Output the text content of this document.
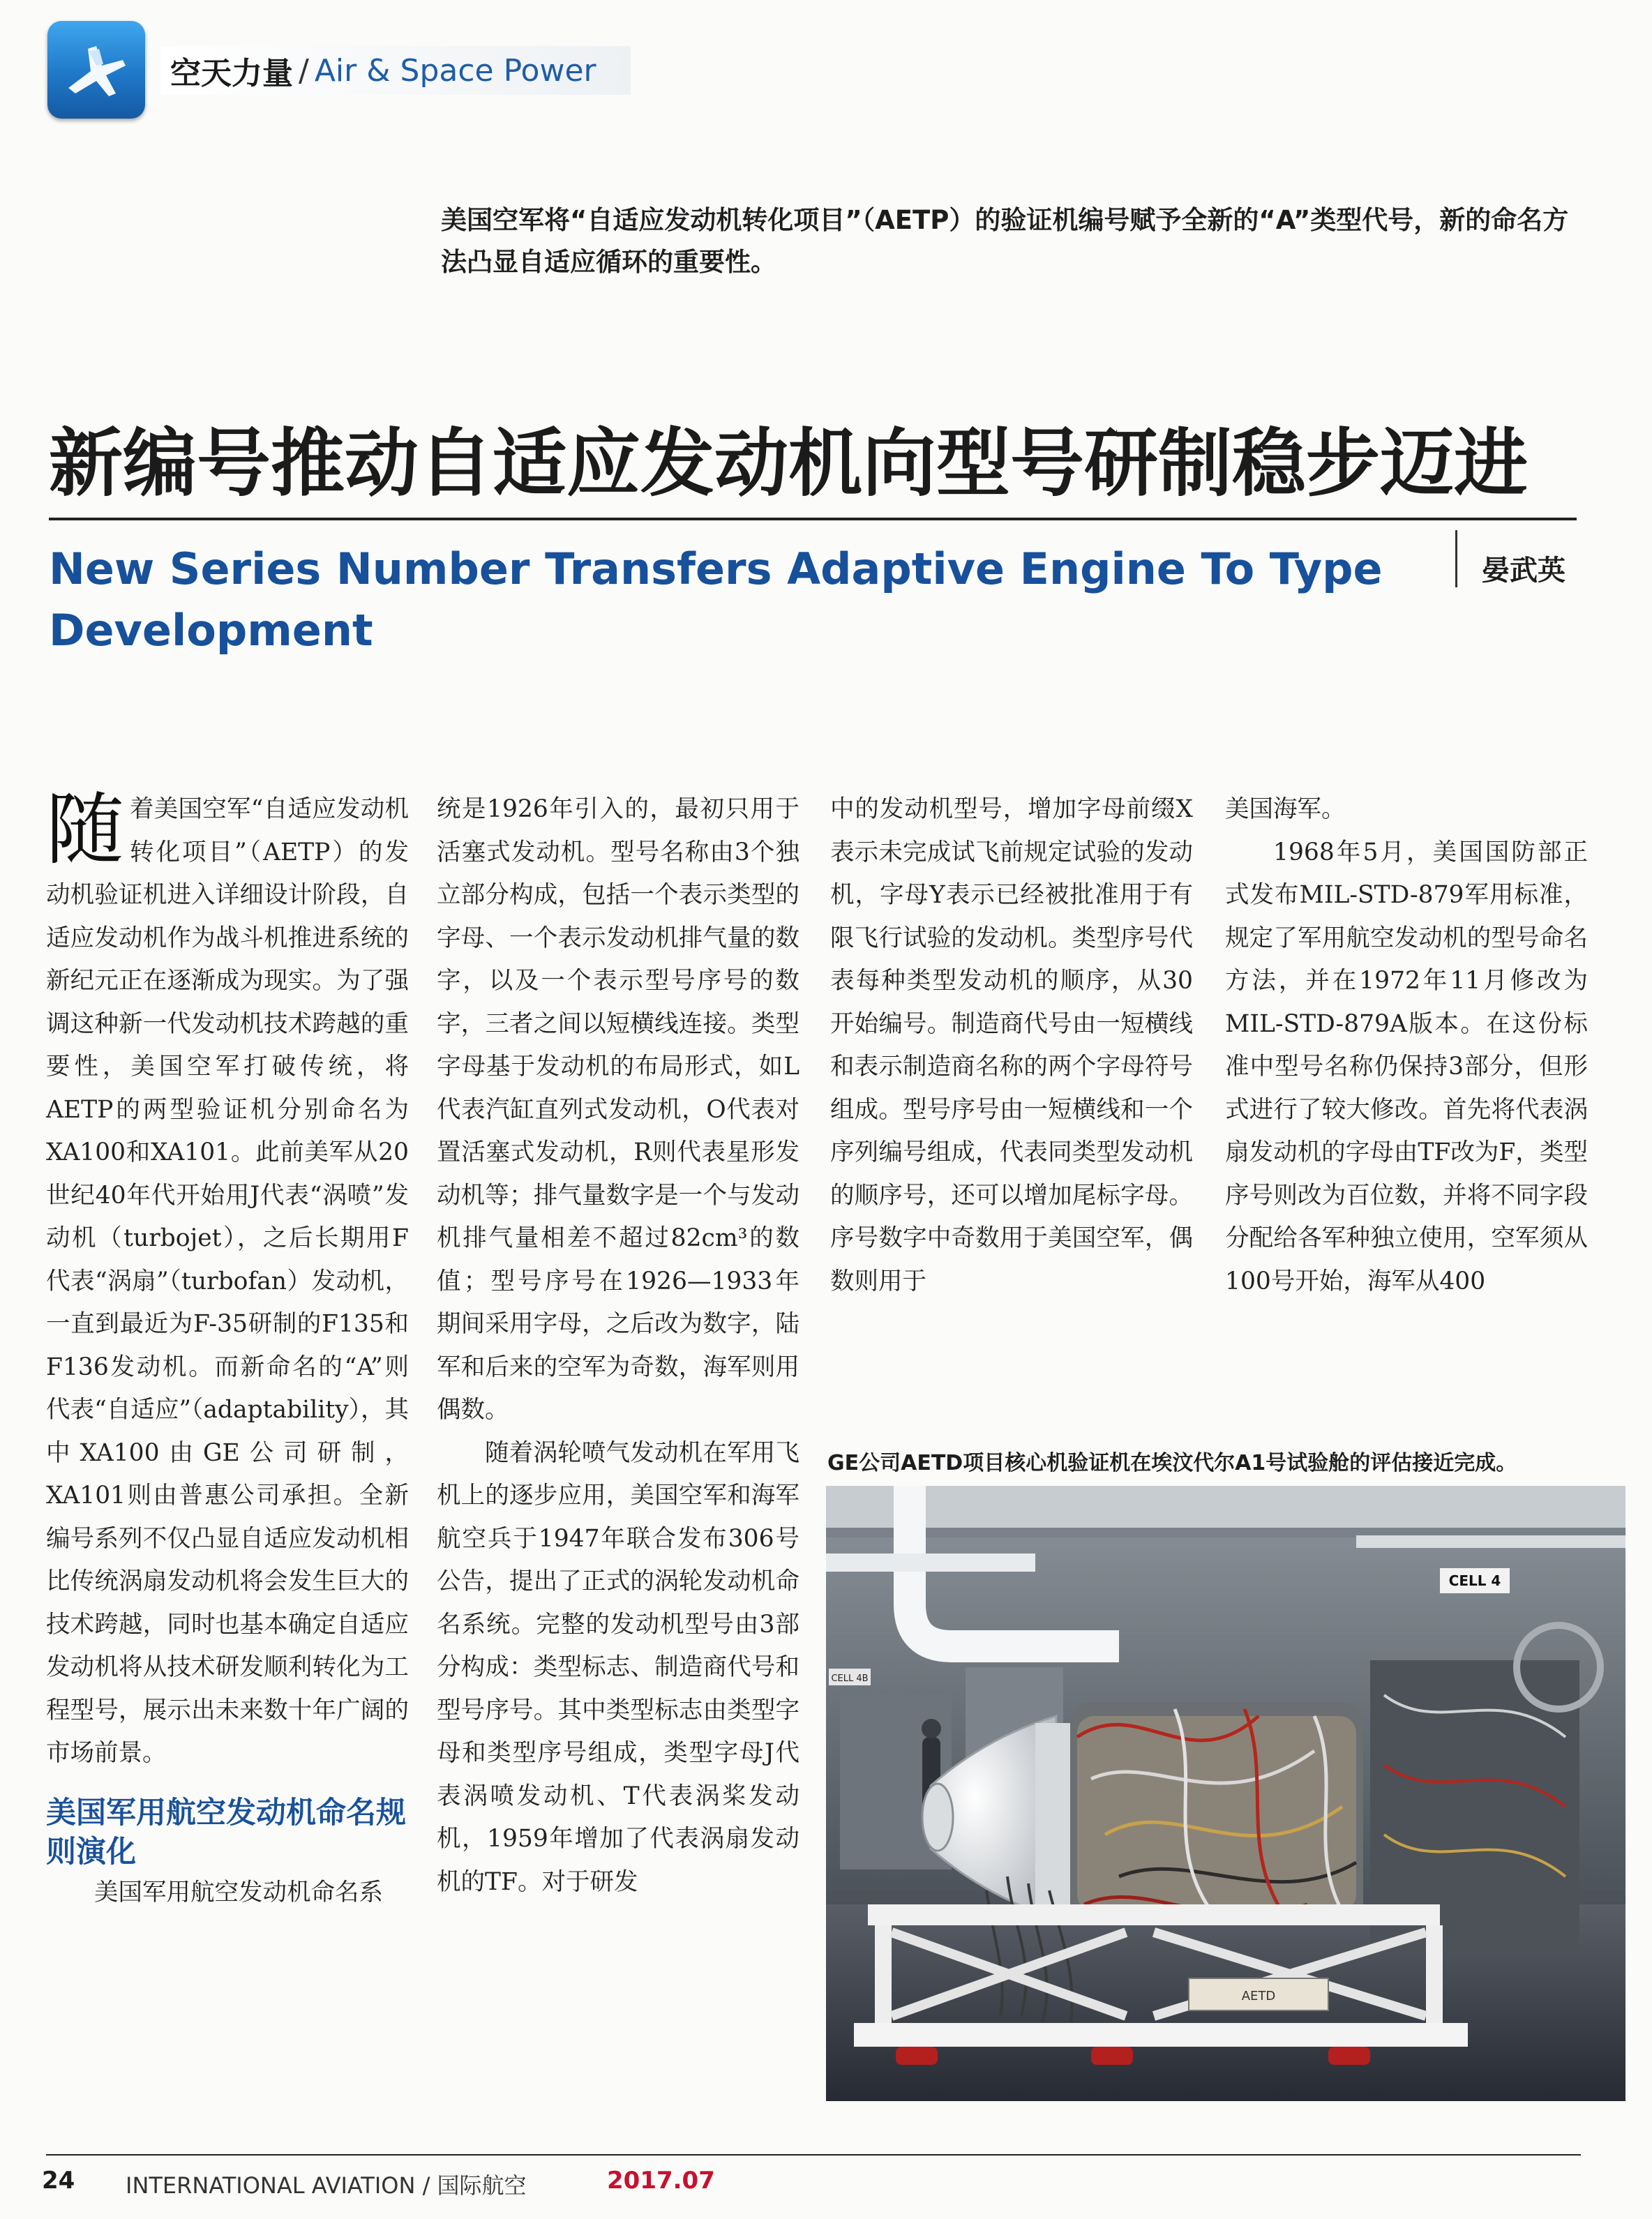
空天力量 / Air & Space Power
美国空军将“自适应发动机转化项目”（AETP）的验证机编号赋予全新的“A”类型代号，新的命名方法凸显自适应循环的重要性。
新编号推动自适应发动机向型号研制稳步迈进
New Series Number Transfers Adaptive Engine To Type Development
晏武英

随着美国空军“自适应发动机转化项目”（AETP）的发动机验证机进入详细设计阶段，自适应发动机作为战斗机推进系统的新纪元正在逐渐成为现实。为了强调这种新一代发动机技术跨越的重要性，美国空军打破传统，将AETP的两型验证机分别命名为XA100和XA101。此前美军从20世纪40年代开始用J代表“涡喷”发动机（turbojet），之后长期用F代表“涡扇”（turbofan）发动机，一直到最近为F-35研制的F135和F136发动机。而新命名的“A”则代表“自适应”（adaptability），其中XA100由GE公司研制，XA101则由普惠公司承担。全新编号系列不仅凸显自适应发动机相比传统涡扇发动机将会发生巨大的技术跨越，同时也基本确定自适应发动机将从技术研发顺利转化为工程型号，展示出未来数十年广阔的市场前景。

美国军用航空发动机命名规则演化

美国军用航空发动机命名系

统是1926年引入的，最初只用于活塞式发动机。型号名称由3个独立部分构成，包括一个表示类型的字母、一个表示发动机排气量的数字，以及一个表示型号序号的数字，三者之间以短横线连接。类型字母基于发动机的布局形式，如L代表汽缸直列式发动机，O代表对置活塞式发动机，R则代表星形发动机等；排气量数字是一个与发动机排气量相差不超过82cm³的数值；型号序号在1926—1933年期间采用字母，之后改为数字，陆军和后来的空军为奇数，海军则用偶数。

随着涡轮喷气发动机在军用飞机上的逐步应用，美国空军和海军航空兵于1947年联合发布306号公告，提出了正式的涡轮发动机命名系统。完整的发动机型号由3部分构成：类型标志、制造商代号和型号序号。其中类型标志由类型字母和类型序号组成，类型字母J代表涡喷发动机、T代表涡桨发动机，1959年增加了代表涡扇发动机的TF。对于研发

中的发动机型号，增加字母前缀X表示未完成试飞前规定试验的发动机，字母Y表示已经被批准用于有限飞行试验的发动机。类型序号代表每种类型发动机的顺序，从30开始编号。制造商代号由一短横线和表示制造商名称的两个字母符号组成。型号序号由一短横线和一个序列编号组成，代表同类型发动机的顺序号，还可以增加尾标字母。序号数字中奇数用于美国空军，偶数则用于

美国海军。

1968年5月，美国国防部正式发布MIL-STD-879军用标准，规定了军用航空发动机的型号命名方法，并在1972年11月修改为MIL-STD-879A版本。在这份标准中型号名称仍保持3部分，但形式进行了较大修改。首先将代表涡扇发动机的字母由TF改为F，类型序号则改为百位数，并将不同字段分配给各军种独立使用，空军须从100号开始，海军从400

GE公司AETD项目核心机验证机在埃汶代尔A1号试验舱的评估接近完成。
CELL 4
CELL 4B
AETD
24 INTERNATIONAL AVIATION / 国际航空	2017.07
